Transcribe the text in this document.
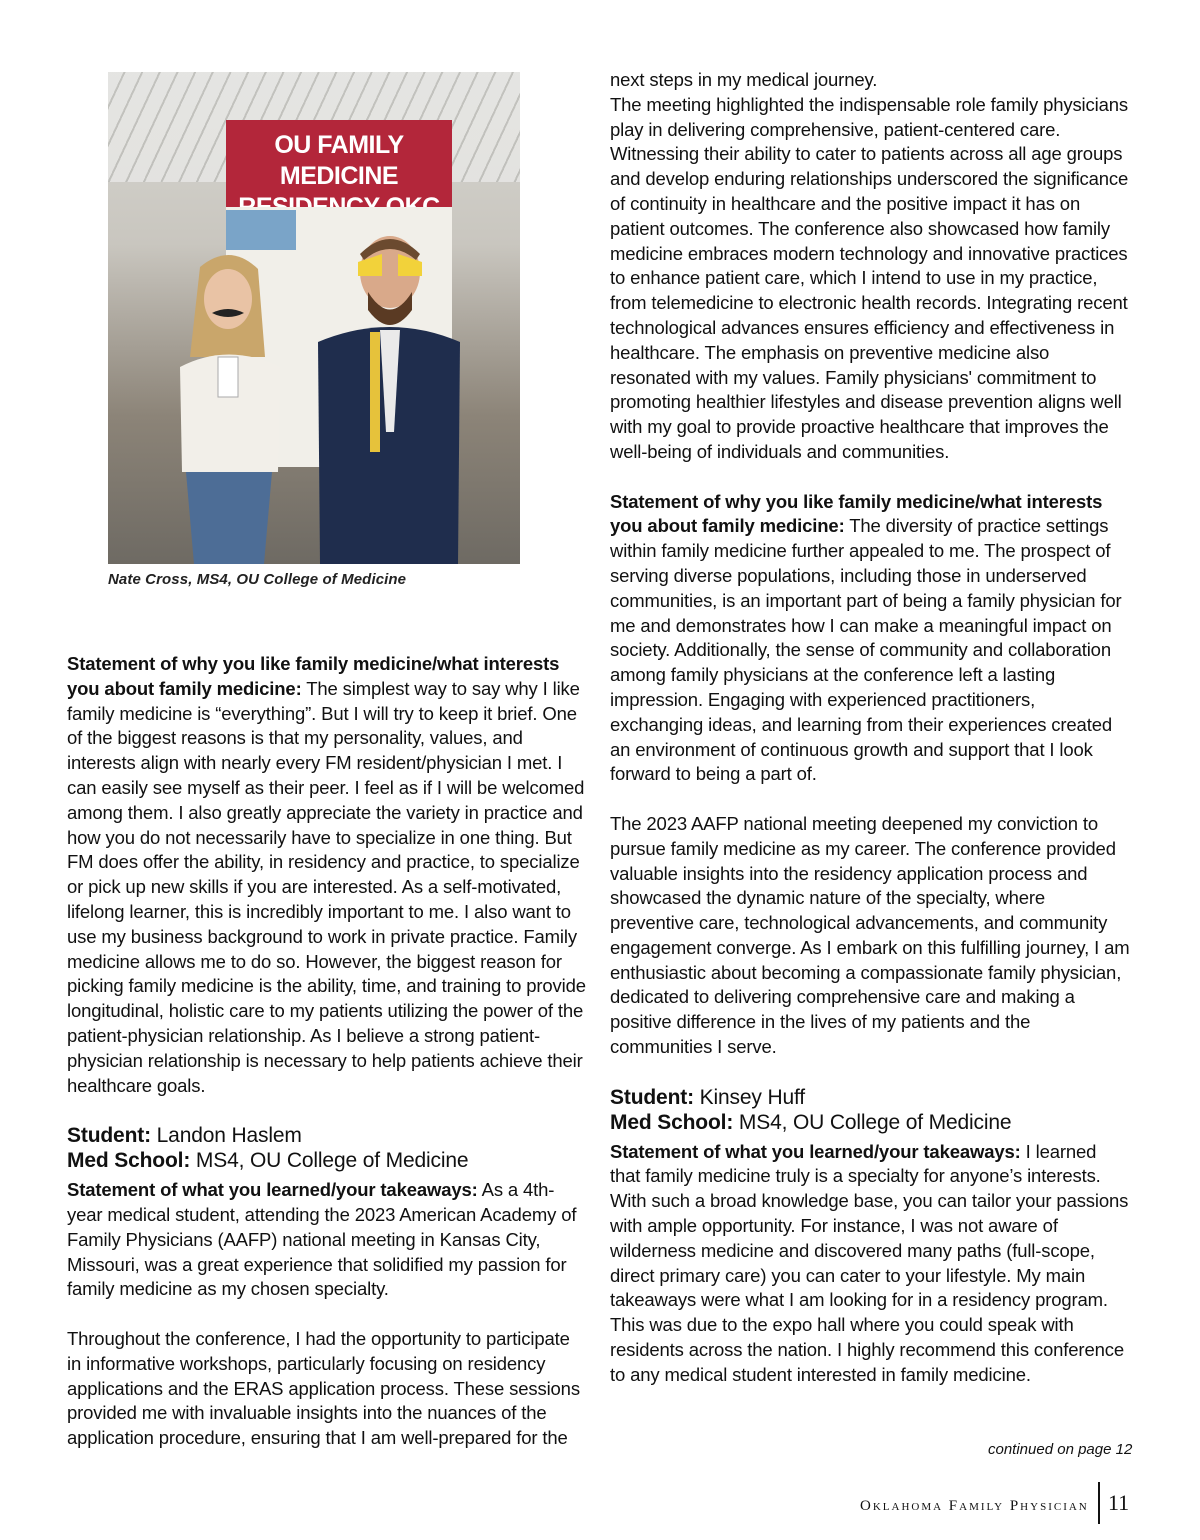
OU FAMILY MEDICINE
Nate Cross, MS4, OU College of Medicine

Statement of why you like family medicine/what interests you about family medicine: The simplest way to say why I like family medicine is “everything”. But I will try to keep it brief. One of the biggest reasons is that my personality, values, and interests align with nearly every FM resident/physician I met. I can easily see myself as their peer. I feel as if I will be welcomed among them. I also greatly appreciate the variety in practice and how you do not necessarily have to specialize in one thing. But FM does offer the ability, in residency and practice, to specialize or pick up new skills if you are interested. As a self-motivated, lifelong learner, this is incredibly important to me. I also want to use my business background to work in private practice. Family medicine allows me to do so. However, the biggest reason for picking family medicine is the ability, time, and training to provide longitudinal, holistic care to my patients utilizing the power of the patient-physician relationship. As I believe a strong patient-physician relationship is necessary to help patients achieve their healthcare goals.

Student: Landon Haslem
Med School: MS4, OU College of Medicine

Statement of what you learned/your takeaways: As a 4th-year medical student, attending the 2023 American Academy of Family Physicians (AAFP) national meeting in Kansas City, Missouri, was a great experience that solidified my passion for family medicine as my chosen specialty.

Throughout the conference, I had the opportunity to participate in informative workshops, particularly focusing on residency applications and the ERAS application process. These sessions provided me with invaluable insights into the nuances of the application procedure, ensuring that I am well-prepared for the

next steps in my medical journey.

The meeting highlighted the indispensable role family physicians play in delivering comprehensive, patient-centered care. Witnessing their ability to cater to patients across all age groups and develop enduring relationships underscored the significance of continuity in healthcare and the positive impact it has on patient outcomes. The conference also showcased how family medicine embraces modern technology and innovative practices to enhance patient care, which I intend to use in my practice, from telemedicine to electronic health records. Integrating recent technological advances ensures efficiency and effectiveness in healthcare. The emphasis on preventive medicine also resonated with my values. Family physicians' commitment to promoting healthier lifestyles and disease prevention aligns well with my goal to provide proactive healthcare that improves the well-being of individuals and communities.

Statement of why you like family medicine/what interests you about family medicine: The diversity of practice settings within family medicine further appealed to me. The prospect of serving diverse populations, including those in underserved communities, is an important part of being a family physician for me and demonstrates how I can make a meaningful impact on society. Additionally, the sense of community and collaboration among family physicians at the conference left a lasting impression. Engaging with experienced practitioners, exchanging ideas, and learning from their experiences created an environment of continuous growth and support that I look forward to being a part of.

The 2023 AAFP national meeting deepened my conviction to pursue family medicine as my career. The conference provided valuable insights into the residency application process and showcased the dynamic nature of the specialty, where preventive care, technological advancements, and community engagement converge. As I embark on this fulfilling journey, I am enthusiastic about becoming a compassionate family physician, dedicated to delivering comprehensive care and making a positive difference in the lives of my patients and the communities I serve.

Student: Kinsey Huff
Med School: MS4, OU College of Medicine

Statement of what you learned/your takeaways: I learned that family medicine truly is a specialty for anyone’s interests. With such a broad knowledge base, you can tailor your passions with ample opportunity. For instance, I was not aware of wilderness medicine and discovered many paths (full-scope, direct primary care) you can cater to your lifestyle. My main takeaways were what I am looking for in a residency program. This was due to the expo hall where you could speak with residents across the nation. I highly recommend this conference to any medical student interested in family medicine.

continued on page 12
Oklahoma Family Physician 11
